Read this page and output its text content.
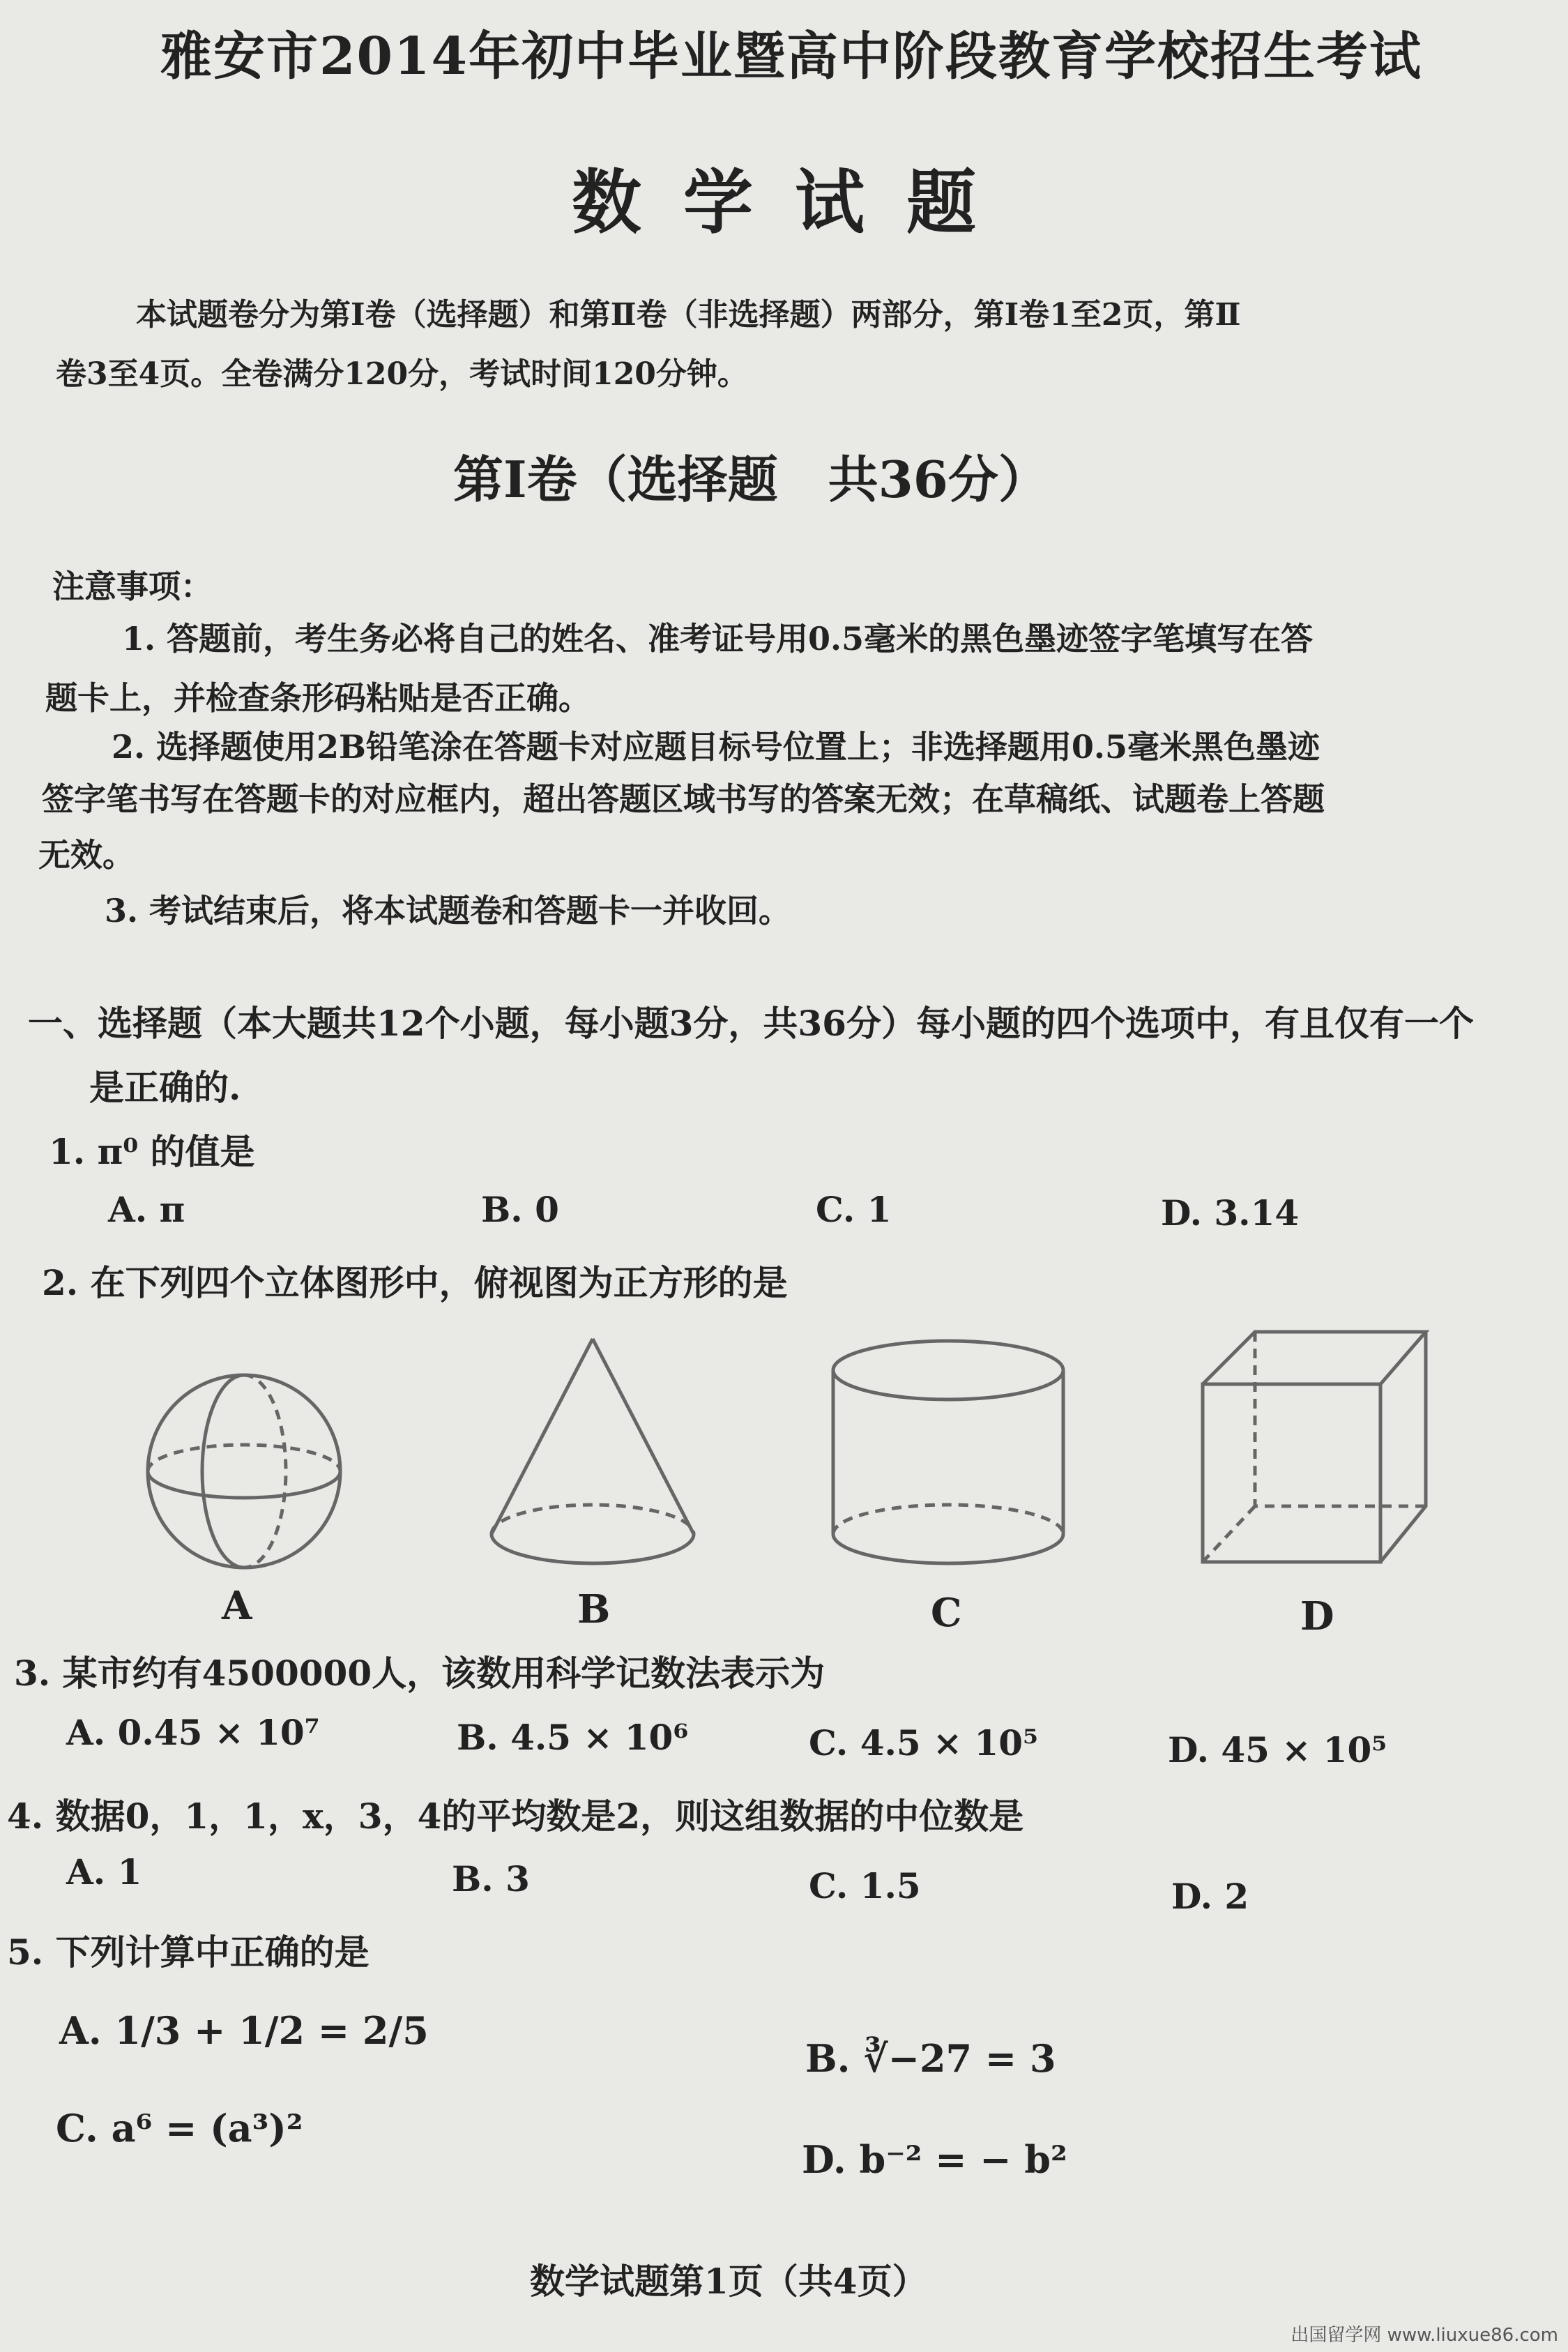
雅安市2014年初中毕业暨高中阶段教育学校招生考试
数学试题
本试题卷分为第Ⅰ卷（选择题）和第Ⅱ卷（非选择题）两部分，第Ⅰ卷1至2页，第Ⅱ
卷3至4页。全卷满分120分，考试时间120分钟。
第Ⅰ卷（选择题　共36分）
注意事项：
1. 答题前，考生务必将自己的姓名、准考证号用0.5毫米的黑色墨迹签字笔填写在答
题卡上，并检查条形码粘贴是否正确。
2. 选择题使用2B铅笔涂在答题卡对应题目标号位置上；非选择题用0.5毫米黑色墨迹
签字笔书写在答题卡的对应框内，超出答题区域书写的答案无效；在草稿纸、试题卷上答题
无效。
3. 考试结束后，将本试题卷和答题卡一并收回。
一、选择题（本大题共12个小题，每小题3分，共36分）每小题的四个选项中，有且仅有一个
是正确的.
1. π⁰ 的值是
A. π	B. 0	C. 1	D. 3.14
2. 在下列四个立体图形中，俯视图为正方形的是
A	B	C	D
3. 某市约有4500000人，该数用科学记数法表示为
A. 0.45 × 10⁷	B. 4.5 × 10⁶	C. 4.5 × 10⁵	D. 45 × 10⁵
4. 数据0，1，1，x，3，4的平均数是2，则这组数据的中位数是
A. 1	B. 3	C. 1.5	D. 2
5. 下列计算中正确的是
A. 1/3 + 1/2 = 2/5
B. ∛−27 = 3
C. a⁶ = (a³)²
D. b⁻² = − b²
数学试题第1页（共4页）
出国留学网 www.liuxue86.com
